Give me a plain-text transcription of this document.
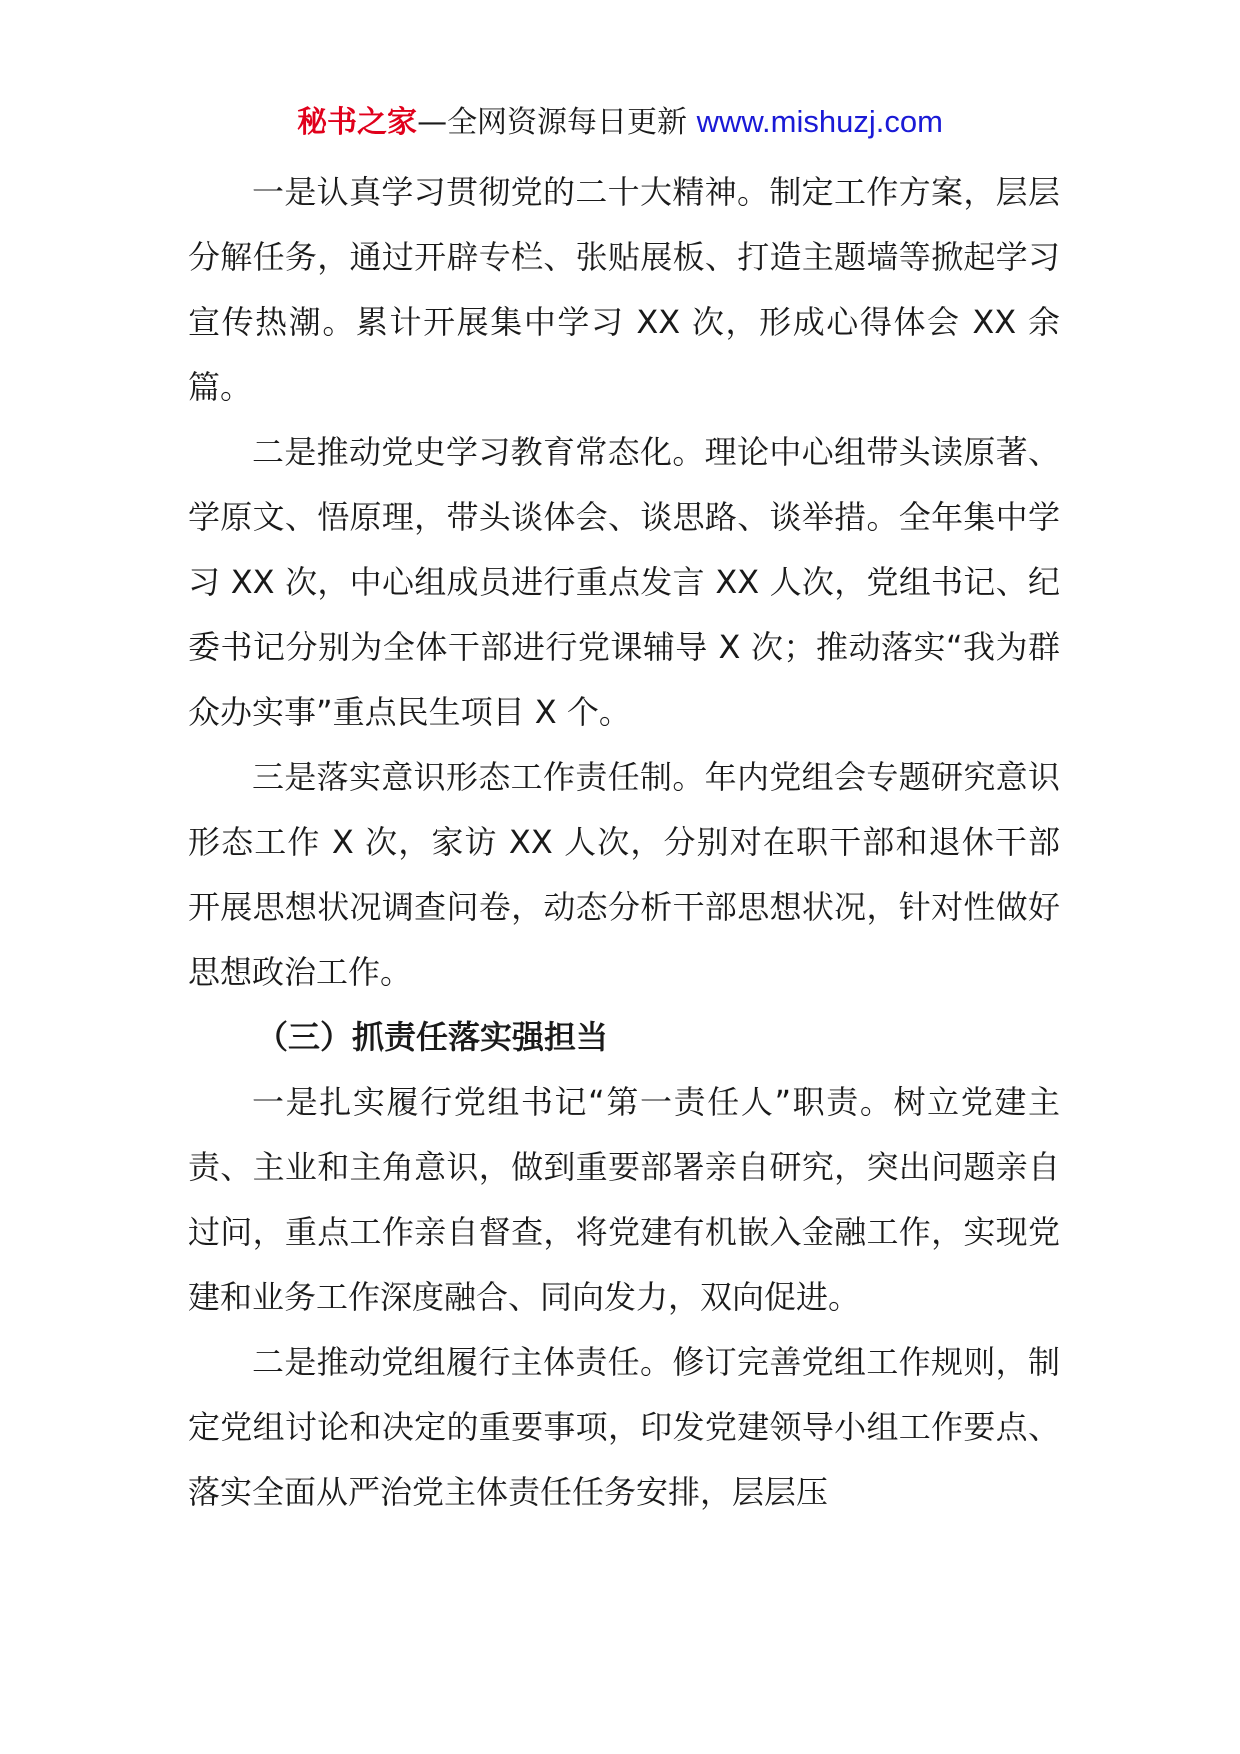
秘书之家—全网资源每日更新 www.mishuzj.com

一是认真学习贯彻党的二十大精神。制定工作方案，层层分解任务，通过开辟专栏、张贴展板、打造主题墙等掀起学习宣传热潮。累计开展集中学习 XX 次，形成心得体会 XX 余篇。

二是推动党史学习教育常态化。理论中心组带头读原著、学原文、悟原理，带头谈体会、谈思路、谈举措。全年集中学习 XX 次，中心组成员进行重点发言 XX 人次，党组书记、纪委书记分别为全体干部进行党课辅导 X 次；推动落实“我为群众办实事”重点民生项目 X 个。

三是落实意识形态工作责任制。年内党组会专题研究意识形态工作 X 次，家访 XX 人次，分别对在职干部和退休干部开展思想状况调查问卷，动态分析干部思想状况，针对性做好思想政治工作。

（三）抓责任落实强担当

一是扎实履行党组书记“第一责任人”职责。树立党建主责、主业和主角意识，做到重要部署亲自研究，突出问题亲自过问，重点工作亲自督查，将党建有机嵌入金融工作，实现党建和业务工作深度融合、同向发力，双向促进。

二是推动党组履行主体责任。修订完善党组工作规则，制定党组讨论和决定的重要事项，印发党建领导小组工作要点、落实全面从严治党主体责任任务安排，层层压
